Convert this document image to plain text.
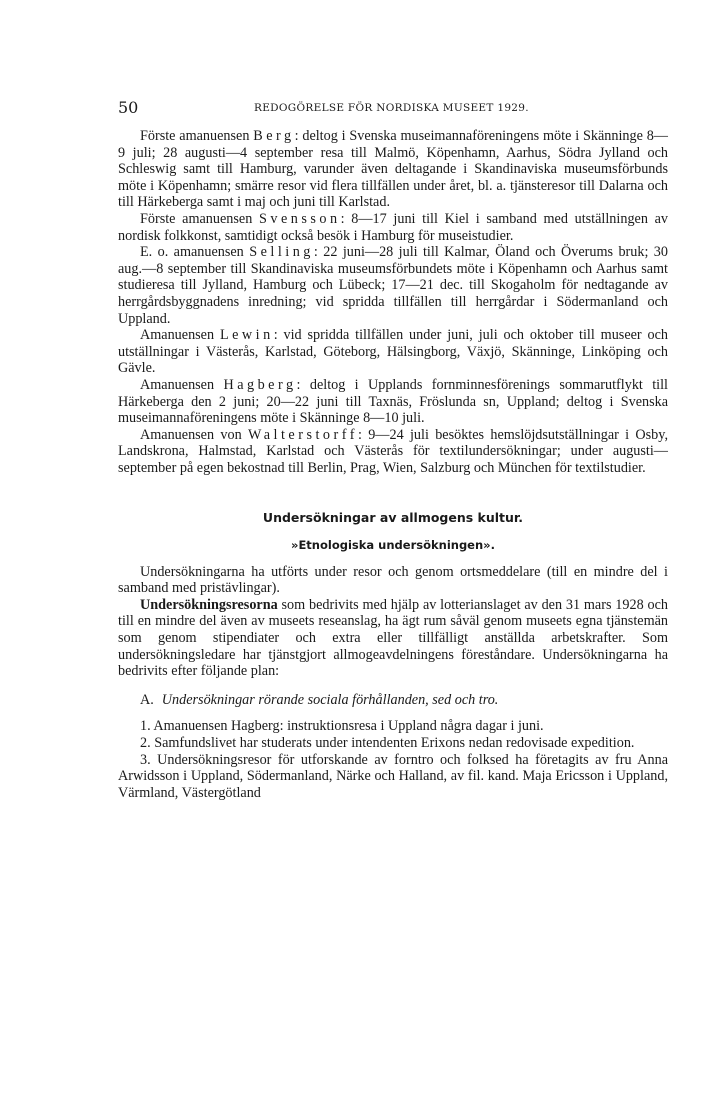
50	REDOGÖRELSE FÖR NORDISKA MUSEET 1929.

Förste amanuensen Berg: deltog i Svenska museimannaföreningens möte i Skänninge 8—9 juli; 28 augusti—4 september resa till Malmö, Köpenhamn, Aarhus, Södra Jylland och Schleswig samt till Hamburg, varunder även deltagande i Skandinaviska museumsförbunds möte i Köpenhamn; smärre resor vid flera tillfällen under året, bl. a. tjänsteresor till Dalarna och till Härkeberga samt i maj och juni till Karlstad.

Förste amanuensen Svensson: 8—17 juni till Kiel i samband med utställningen av nordisk folkkonst, samtidigt också besök i Hamburg för museistudier.

E. o. amanuensen Selling: 22 juni—28 juli till Kalmar, Öland och Överums bruk; 30 aug.—8 september till Skandinaviska museumsförbundets möte i Köpenhamn och Aarhus samt studieresa till Jylland, Hamburg och Lübeck; 17—21 dec. till Skogaholm för nedtagande av herrgårdsbyggnadens inredning; vid spridda tillfällen till herrgårdar i Södermanland och Uppland.

Amanuensen Lewin: vid spridda tillfällen under juni, juli och oktober till museer och utställningar i Västerås, Karlstad, Göteborg, Hälsingborg, Växjö, Skänninge, Linköping och Gävle.

Amanuensen Hagberg: deltog i Upplands fornminnesförenings sommarutflykt till Härkeberga den 2 juni; 20—22 juni till Taxnäs, Fröslunda sn, Uppland; deltog i Svenska museimannaföreningens möte i Skänninge 8—10 juli.

Amanuensen von Walterstorff: 9—24 juli besöktes hemslöjdsutställningar i Osby, Landskrona, Halmstad, Karlstad och Västerås för textilundersökningar; under augusti—september på egen bekostnad till Berlin, Prag, Wien, Salzburg och München för textilstudier.

Undersökningar av allmogens kultur.
»Etnologiska undersökningen».

Undersökningarna ha utförts under resor och genom ortsmeddelare (till en mindre del i samband med pristävlingar).

Undersökningsresorna som bedrivits med hjälp av lotterianslaget av den 31 mars 1928 och till en mindre del även av museets reseanslag, ha ägt rum såväl genom museets egna tjänstemän som genom stipendiater och extra eller tillfälligt anställda arbetskrafter. Som undersökningsledare har tjänstgjort allmogeavdelningens föreståndare. Undersökningarna ha bedrivits efter följande plan:

A. Undersökningar rörande sociala förhållanden, sed och tro.

1. Amanuensen Hagberg: instruktionsresa i Uppland några dagar i juni.

2. Samfundslivet har studerats under intendenten Erixons nedan redovisade expedition.

3. Undersökningsresor för utforskande av forntro och folksed ha företagits av fru Anna Arwidsson i Uppland, Södermanland, Närke och Halland, av fil. kand. Maja Ericsson i Uppland, Värmland, Västergötland
